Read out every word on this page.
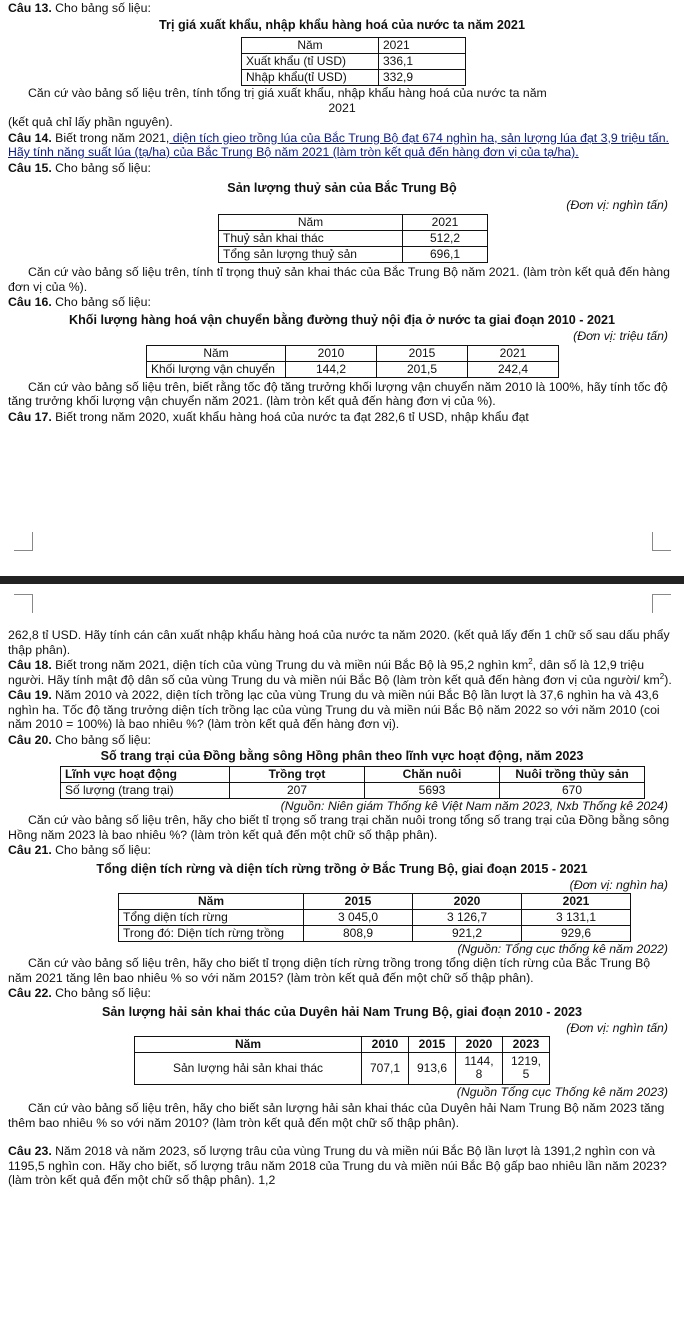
Câu 13. Cho bảng số liệu:

Trị giá xuất khẩu, nhập khẩu hàng hoá của nước ta năm 2021

Năm	2021
Xuất khẩu (tỉ USD)	336,1
Nhập khẩu(tỉ USD)	332,9

Căn cứ vào bảng số liệu trên, tính tổng trị giá xuất khẩu, nhập khẩu hàng hoá của nước ta năm

2021

(kết quả chỉ lấy phần nguyên).

Câu 14. Biết trong năm 2021, diện tích gieo trồng lúa của Bắc Trung Bộ đạt 674 nghìn ha, sản lượng lúa đạt 3,9 triệu tấn. Hãy tính năng suất lúa (tạ/ha) của Bắc Trung Bộ năm 2021 (làm tròn kết quả đến hàng đơn vị của tạ/ha).

Câu 15. Cho bảng số liệu:

Sản lượng thuỷ sản của Bắc Trung Bộ

(Đơn vị: nghìn tấn)

Năm	2021
Thuỷ sản khai thác	512,2
Tổng sản lượng thuỷ sản	696,1

Căn cứ vào bảng số liệu trên, tính tỉ trọng thuỷ sản khai thác của Bắc Trung Bộ năm 2021. (làm tròn kết quả đến hàng đơn vị của %).

Câu 16. Cho bảng số liệu:

Khối lượng hàng hoá vận chuyển bằng đường thuỷ nội địa ở nước ta giai đoạn 2010 - 2021

(Đơn vị: triệu tấn)

Năm	2010	2015	2021
Khối lượng vận chuyển	144,2	201,5	242,4

Căn cứ vào bảng số liệu trên, biết rằng tốc độ tăng trưởng khối lượng vận chuyển năm 2010 là 100%, hãy tính tốc độ tăng trưởng khối lượng vận chuyển năm 2021. (làm tròn kết quả đến hàng đơn vị của %).

Câu 17. Biết trong năm 2020, xuất khẩu hàng hoá của nước ta đạt 282,6 tỉ USD, nhập khẩu đạt

262,8 tỉ USD. Hãy tính cán cân xuất nhập khẩu hàng hoá của nước ta năm 2020. (kết quả lấy đến 1 chữ số sau dấu phẩy thập phân).

Câu 18. Biết trong năm 2021, diện tích của vùng Trung du và miền núi Bắc Bộ là 95,2 nghìn $km^2$, dân số là 12,9 triệu người. Hãy tính mật độ dân số của vùng Trung du và miền núi Bắc Bộ (làm tròn kết quả đến hàng đơn vị của người/ $km^2$).

Câu 19. Năm 2010 và 2022, diện tích trồng lạc của vùng Trung du và miền núi Bắc Bộ lần lượt là 37,6 nghìn ha và 43,6 nghìn ha. Tốc độ tăng trưởng diện tích trồng lạc của vùng Trung du và miền núi Bắc Bộ năm 2022 so với năm 2010 (coi năm 2010 = 100%) là bao nhiêu %? (làm tròn kết quả đến hàng đơn vị).

Câu 20. Cho bảng số liệu:

Số trang trại của Đồng bằng sông Hồng phân theo lĩnh vực hoạt động, năm 2023

Lĩnh vực hoạt động	Trồng trọt	Chăn nuôi	Nuôi trồng thủy sản
Số lượng (trang trại)	207	5693	670

(Nguồn: Niên giám Thống kê Việt Nam năm 2023, Nxb Thống kê 2024)

Căn cứ vào bảng số liệu trên, hãy cho biết tỉ trọng số trang trại chăn nuôi trong tổng số trang trại của Đồng bằng sông Hồng năm 2023 là bao nhiêu %? (làm tròn kết quả đến một chữ số thập phân).

Câu 21. Cho bảng số liệu:

Tổng diện tích rừng và diện tích rừng trồng ở Bắc Trung Bộ, giai đoạn 2015 - 2021

(Đơn vị: nghìn ha)

Năm	2015	2020	2021
Tổng diện tích rừng	3 045,0	3 126,7	3 131,1
Trong đó: Diện tích rừng trồng	808,9	921,2	929,6

(Nguồn: Tổng cục thống kê năm 2022)

Căn cứ vào bảng số liệu trên, hãy cho biết tỉ trọng diện tích rừng trồng trong tổng diện tích rừng của Bắc Trung Bộ năm 2021 tăng lên bao nhiêu % so với năm 2015? (làm tròn kết quả đến một chữ số thập phân).

Câu 22. Cho bảng số liệu:

Sản lượng hải sản khai thác của Duyên hải Nam Trung Bộ, giai đoạn 2010 - 2023

(Đơn vị: nghìn tấn)

Năm	2010	2015	2020	2023
Sản lượng hải sản khai thác	707,1	913,6	1144, 8	1219, 5

(Nguồn Tổng cục Thống kê năm 2023)

Căn cứ vào bảng số liệu trên, hãy cho biết sản lượng hải sản khai thác của Duyên hải Nam Trung Bộ năm 2023 tăng thêm bao nhiêu % so với năm 2010? (làm tròn kết quả đến một chữ số thập phân).

Câu 23. Năm 2018 và năm 2023, số lượng trâu của vùng Trung du và miền núi Bắc Bộ lần lượt là 1391,2 nghìn con và 1195,5 nghìn con. Hãy cho biết, số lượng trâu năm 2018 của Trung du và miền núi Bắc Bộ gấp bao nhiêu lần năm 2023? (làm tròn kết quả đến một chữ số thập phân). 1,2
